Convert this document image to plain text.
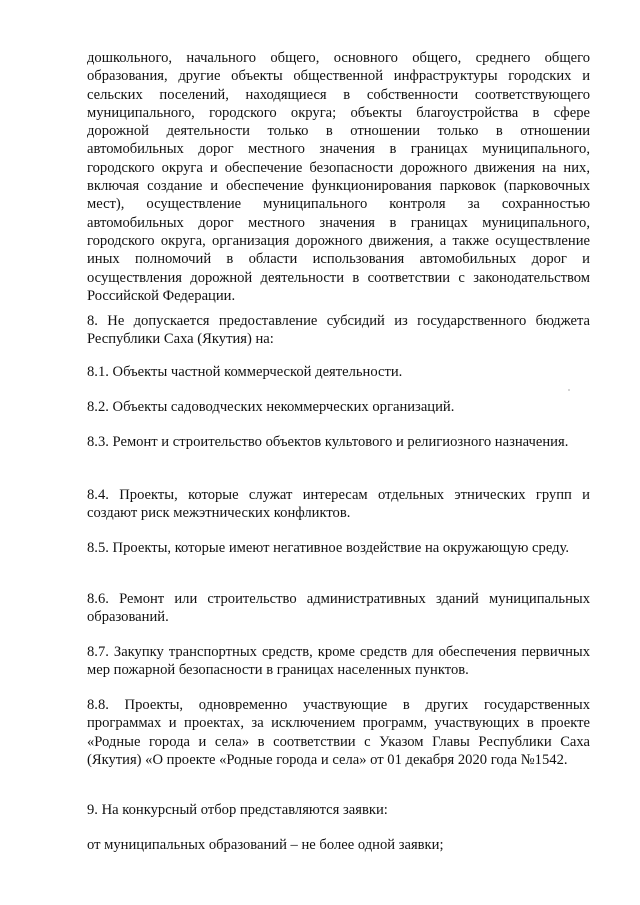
дошкольного, начального общего, основного общего, среднего общего образования, другие объекты общественной инфраструктуры городских и сельских поселений, находящиеся в собственности соответствующего муниципального, городского округа; объекты благоустройства в сфере дорожной деятельности только в отношении только в отношении автомобильных дорог местного значения в границах муниципального, городского округа и обеспечение безопасности дорожного движения на них, включая создание и обеспечение функционирования парковок (парковочных мест), осуществление муниципального контроля за сохранностью автомобильных дорог местного значения в границах муниципального, городского округа, организация дорожного движения, а также осуществление иных полномочий в области использования автомобильных дорог и осуществления дорожной деятельности в соответствии с законодательством Российской Федерации.

8. Не допускается предоставление субсидий из государственного бюджета Республики Саха (Якутия) на:

8.1. Объекты частной коммерческой деятельности.

8.2. Объекты садоводческих некоммерческих организаций.

8.3. Ремонт и строительство объектов культового и религиозного назначения.

8.4. Проекты, которые служат интересам отдельных этнических групп и создают риск межэтнических конфликтов.

8.5. Проекты, которые имеют негативное воздействие на окружающую среду.

8.6. Ремонт или строительство административных зданий муниципальных образований.

8.7. Закупку транспортных средств, кроме средств для обеспечения первичных мер пожарной безопасности в границах населенных пунктов.

8.8. Проекты, одновременно участвующие в других государственных программах и проектах, за исключением программ, участвующих в проекте «Родные города и села» в соответствии с Указом Главы Республики Саха (Якутия) «О проекте «Родные города и села» от 01 декабря 2020 года №1542.

9. На конкурсный отбор представляются заявки:

от муниципальных образований – не более одной заявки;
